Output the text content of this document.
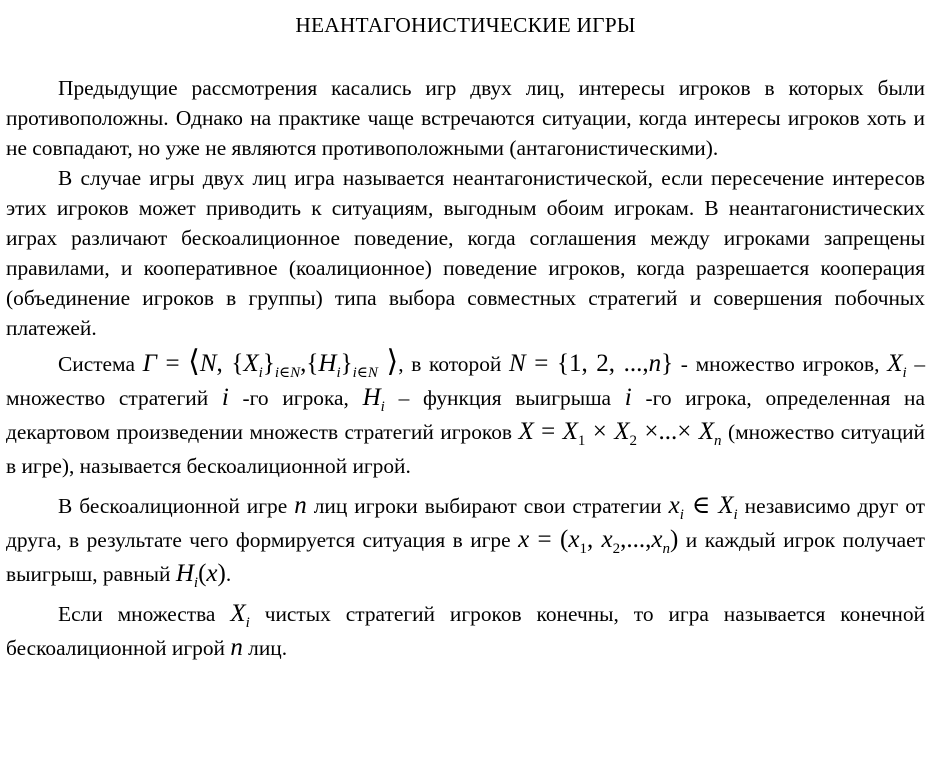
НЕАНТАГОНИСТИЧЕСКИЕ ИГРЫ

Предыдущие рассмотрения касались игр двух лиц, интересы игроков в которых были противоположны. Однако на практике чаще встречаются ситуации, когда интересы игроков хоть и не совпадают, но уже не являются противоположными (антагонистическими).

В случае игры двух лиц игра называется неантагонистической, если пересечение интересов этих игроков может приводить к ситуациям, выгодным обоим игрокам. В неантагонистических играх различают бескоалиционное поведение, когда соглашения между игроками запрещены правилами, и кооперативное (коалиционное) поведение игроков, когда разрешается кооперация (объединение игроков в группы) типа выбора совместных стратегий и совершения побочных платежей.

Система Г = ⟨N, $\{X_i\}_{i\in N},\{H_i\}_{i\in N}$ ⟩, в которой N = {1, 2, ...,n} - множество игроков, $X_i$ – множество стратегий i -го игрока, $H_i$ – функция выигрыша i -го игрока, определенная на декартовом произведении множеств стратегий игроков $X = X_1 \times X_2$ ×...× $X_n$ (множество ситуаций в игре), называется бескоалиционной игрой.

В бескоалиционной игре n лиц игроки выбирают свои стратегии $x_i$ ∈ $X_i$ независимо друг от друга, в результате чего формируется ситуация в игре $x = (x_1$, $x_2,...,x_n$) и каждый игрок получает выигрыш, равный $H_i(x)$.

Если множества $X_i$ чистых стратегий игроков конечны, то игра называется конечной бескоалиционной игрой n лиц.
